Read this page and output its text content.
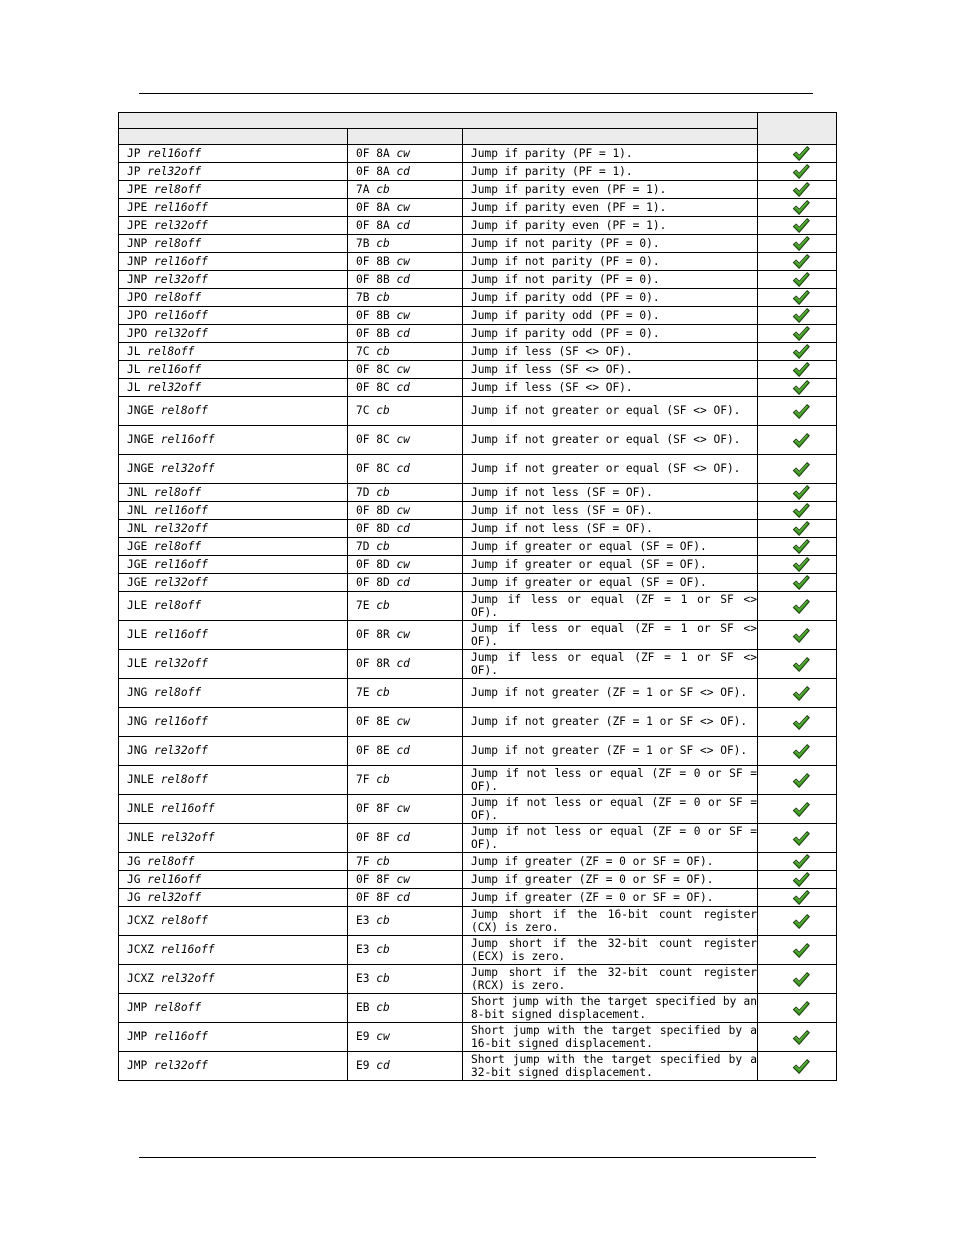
JP rel16off	0F 8A cw	Jump if parity (PF = 1).	
JP rel32off	0F 8A cd	Jump if parity (PF = 1).	
JPE rel8off	7A cb	Jump if parity even (PF = 1).	
JPE rel16off	0F 8A cw	Jump if parity even (PF = 1).	
JPE rel32off	0F 8A cd	Jump if parity even (PF = 1).	
JNP rel8off	7B cb	Jump if not parity (PF = 0).	
JNP rel16off	0F 8B cw	Jump if not parity (PF = 0).	
JNP rel32off	0F 8B cd	Jump if not parity (PF = 0).	
JPO rel8off	7B cb	Jump if parity odd (PF = 0).	
JPO rel16off	0F 8B cw	Jump if parity odd (PF = 0).	
JPO rel32off	0F 8B cd	Jump if parity odd (PF = 0).	
JL rel8off	7C cb	Jump if less (SF <> OF).	
JL rel16off	0F 8C cw	Jump if less (SF <> OF).	
JL rel32off	0F 8C cd	Jump if less (SF <> OF).	
JNGE rel8off	7C cb	Jump if not greater or equal (SF <> OF).	
JNGE rel16off	0F 8C cw	Jump if not greater or equal (SF <> OF).	
JNGE rel32off	0F 8C cd	Jump if not greater or equal (SF <> OF).	
JNL rel8off	7D cb	Jump if not less (SF = OF).	
JNL rel16off	0F 8D cw	Jump if not less (SF = OF).	
JNL rel32off	0F 8D cd	Jump if not less (SF = OF).	
JGE rel8off	7D cb	Jump if greater or equal (SF = OF).	
JGE rel16off	0F 8D cw	Jump if greater or equal (SF = OF).	
JGE rel32off	0F 8D cd	Jump if greater or equal (SF = OF).	
JLE rel8off	7E cb	Jump if less or equal (ZF = 1 or SF <> OF).	
JLE rel16off	0F 8R cw	Jump if less or equal (ZF = 1 or SF <> OF).	
JLE rel32off	0F 8R cd	Jump if less or equal (ZF = 1 or SF <> OF).	
JNG rel8off	7E cb	Jump if not greater (ZF = 1 or SF <> OF).	
JNG rel16off	0F 8E cw	Jump if not greater (ZF = 1 or SF <> OF).	
JNG rel32off	0F 8E cd	Jump if not greater (ZF = 1 or SF <> OF).	
JNLE rel8off	7F cb	Jump if not less or equal (ZF = 0 or SF = OF).	
JNLE rel16off	0F 8F cw	Jump if not less or equal (ZF = 0 or SF = OF).	
JNLE rel32off	0F 8F cd	Jump if not less or equal (ZF = 0 or SF = OF).	
JG rel8off	7F cb	Jump if greater (ZF = 0 or SF = OF).	
JG rel16off	0F 8F cw	Jump if greater (ZF = 0 or SF = OF).	
JG rel32off	0F 8F cd	Jump if greater (ZF = 0 or SF = OF).	
JCXZ rel8off	E3 cb	Jump short if the 16-bit count register (CX) is zero.	
JCXZ rel16off	E3 cb	Jump short if the 32-bit count register (ECX) is zero.	
JCXZ rel32off	E3 cb	Jump short if the 32-bit count register (RCX) is zero.	
JMP rel8off	EB cb	Short jump with the target specified by an 8-bit signed displacement.	
JMP rel16off	E9 cw	Short jump with the target specified by a 16-bit signed displacement.	
JMP rel32off	E9 cd	Short jump with the target specified by a 32-bit signed displacement.	
